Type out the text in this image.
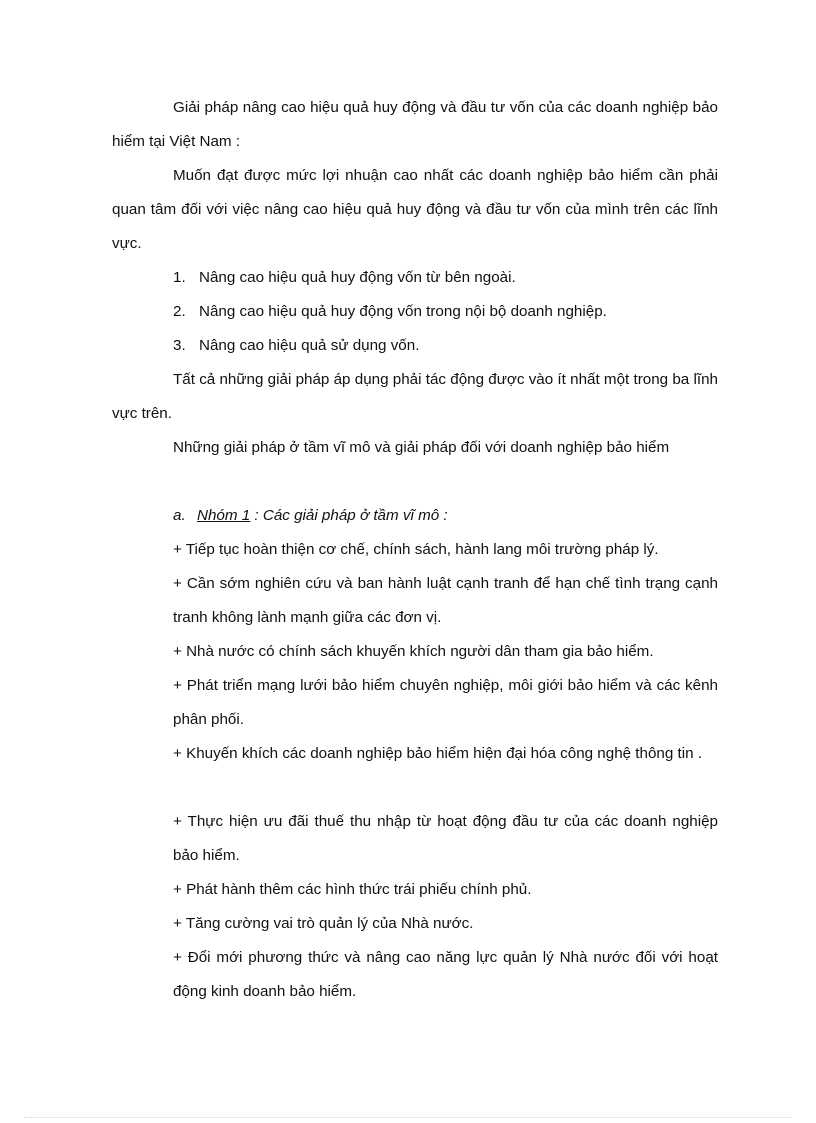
Giải pháp nâng cao hiệu quả huy động và đầu tư vốn của các doanh nghiệp bảo hiểm tại Việt Nam :

Muốn đạt được mức lợi nhuận cao nhất các doanh nghiệp bảo hiểm cần phải quan tâm đối với việc nâng cao hiệu quả huy động và đầu tư vốn của mình trên các lĩnh vực.

1. Nâng cao hiệu quả huy động vốn từ bên ngoài.
2. Nâng cao hiệu quả huy động vốn trong nội bộ doanh nghiệp.
3. Nâng cao hiệu quả sử dụng vốn.

Tất cả những giải pháp áp dụng phải tác động được vào ít nhất một trong ba lĩnh vực trên.

Những giải pháp ở tầm vĩ mô và giải pháp đối với doanh nghiệp bảo hiểm

a. Nhóm 1 : Các giải pháp ở tầm vĩ mô :

+ Tiếp tục hoàn thiện cơ chế, chính sách, hành lang môi trường pháp lý.

+ Cần sớm nghiên cứu và ban hành luật cạnh tranh để hạn chế tình trạng cạnh tranh không lành mạnh giữa các đơn vị.

+ Nhà nước có chính sách khuyến khích người dân tham gia bảo hiểm.

+ Phát triển mạng lưới bảo hiểm chuyên nghiệp, môi giới bảo hiểm và các kênh phân phối.

+ Khuyến khích các doanh nghiệp bảo hiểm hiện đại hóa công nghệ thông tin .

+ Thực hiện ưu đãi thuế thu nhập từ hoạt động đầu tư của các doanh nghiệp bảo hiểm.

+ Phát hành thêm các hình thức trái phiếu chính phủ.

+ Tăng cường vai trò quản lý của Nhà nước.

+ Đổi mới phương thức và nâng cao năng lực quản lý Nhà nước đối với hoạt động kinh doanh bảo hiểm.
